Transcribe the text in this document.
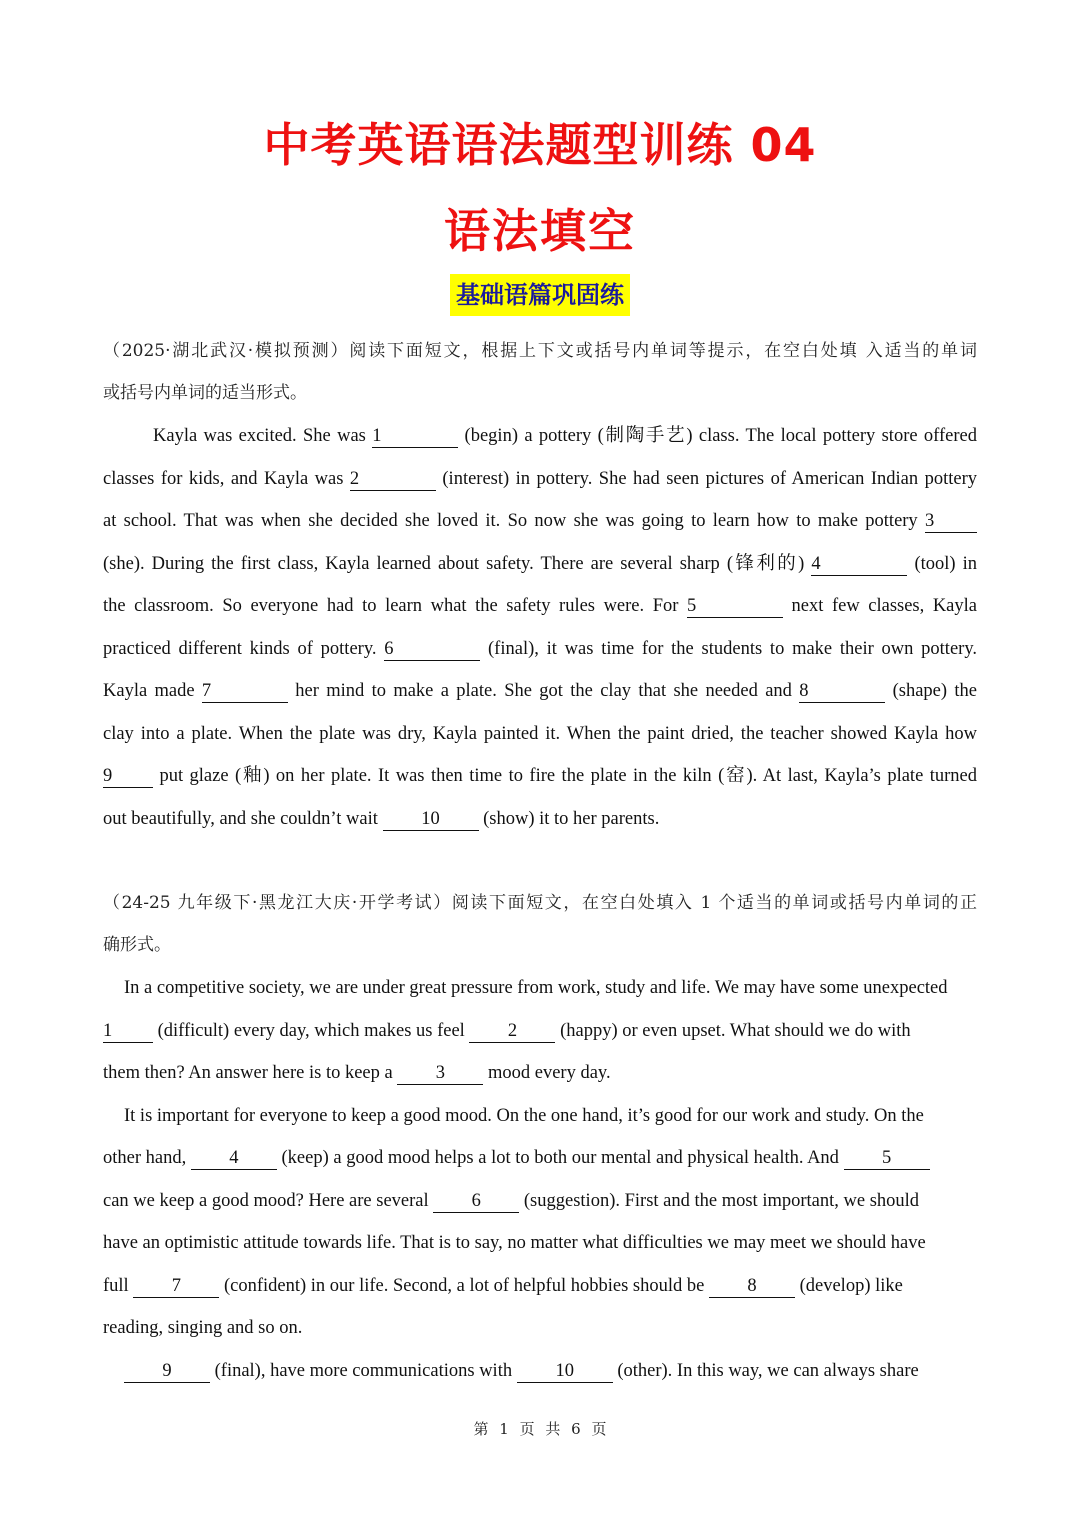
中考英语语法题型训练 04
语法填空
基础语篇巩固练

（2025·湖北武汉·模拟预测）阅读下面短文，根据上下文或括号内单词等提示，在空白处填 入适当的单词

或括号内单词的适当形式。

Kayla was excited. She was 1	(begin) a pottery (制陶手艺) class. The local pottery store offered

classes for kids, and Kayla was 2	(interest) in pottery. She had seen pictures of American Indian pottery

at school. That was when she decided she loved it. So now she was going to learn how to make pottery 3

(she). During the first class, Kayla learned about safety. There are several sharp (锋利的) 4	(tool) in

the classroom. So everyone had to learn what the safety rules were. For 5	next few classes, Kayla

practiced different kinds of pottery. 6	(final), it was time for the students to make their own pottery.

Kayla made 7	her mind to make a plate. She got the clay that she needed and 8	(shape) the

clay into a plate. When the plate was dry, Kayla painted it. When the paint dried, the teacher showed Kayla how

9 put glaze (釉) on her plate. It was then time to fire the plate in the kiln (窑). At last, Kayla’s plate turned

out beautifully, and she couldn’t wait 10 (show) it to her parents.

（24-25 九年级下·黑龙江大庆·开学考试）阅读下面短文，在空白处填入 1 个适当的单词或括号内单词的正

确形式。

In a competitive society, we are under great pressure from work, study and life. We may have some unexpected

1 (difficult) every day, which makes us feel 2 (happy) or even upset. What should we do with

them then? An answer here is to keep a 3 mood every day.

It is important for everyone to keep a good mood. On the one hand, it’s good for our work and study. On the

other hand, 4 (keep) a good mood helps a lot to both our mental and physical health. And 5

can we keep a good mood? Here are several 6 (suggestion). First and the most important, we should

have an optimistic attitude towards life. That is to say, no matter what difficulties we may meet we should have

full 7 (confident) in our life. Second, a lot of helpful hobbies should be 8 (develop) like

reading, singing and so on.

9 (final), have more communications with 10 (other). In this way, we can always share

第 1 页 共 6 页
